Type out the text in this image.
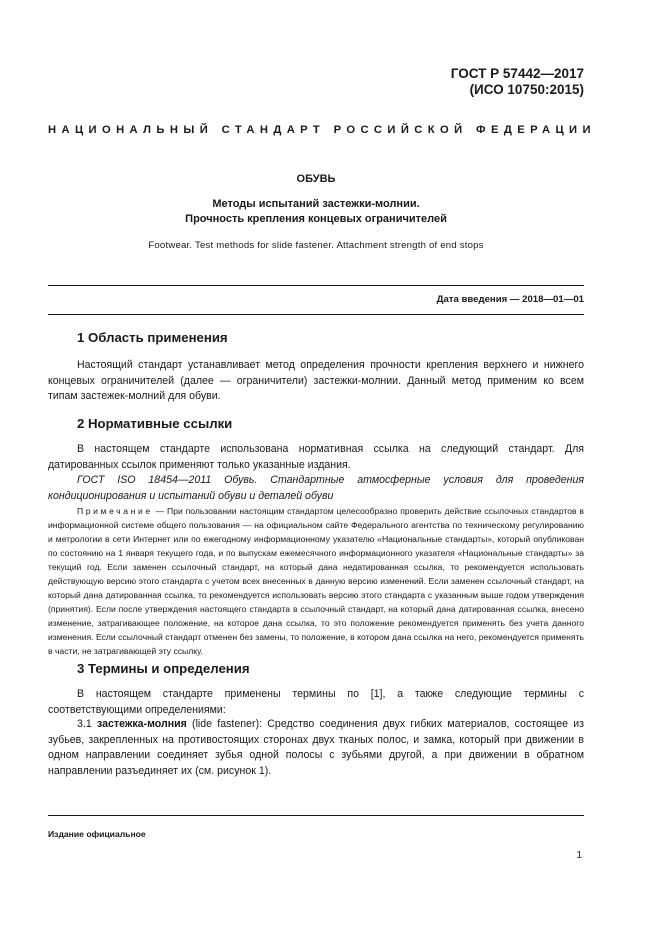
ГОСТ Р 57442—2017
(ИСО 10750:2015)
НАЦИОНАЛЬНЫЙ СТАНДАРТ РОССИЙСКОЙ ФЕДЕРАЦИИ
ОБУВЬ
Методы испытаний застежки-молнии.
Прочность крепления концевых ограничителей
Footwear. Test methods for slide fastener. Attachment strength of end stops
Дата введения — 2018—01—01
1 Область применения
Настоящий стандарт устанавливает метод определения прочности крепления верхнего и нижнего концевых ограничителей (далее — ограничители) застежки-молнии. Данный метод применим ко всем типам застежек-молний для обуви.
2 Нормативные ссылки
В настоящем стандарте использована нормативная ссылка на следующий стандарт. Для датированных ссылок применяют только указанные издания.
ГОСТ ISO 18454—2011 Обувь. Стандартные атмосферные условия для проведения кондиционирования и испытаний обуви и деталей обуви
Примечание — При пользовании настоящим стандартом целесообразно проверить действие ссылочных стандартов в информационной системе общего пользования — на официальном сайте Федерального агентства по техническому регулированию и метрологии в сети Интернет или по ежегодному информационному указателю «Национальные стандарты», который опубликован по состоянию на 1 января текущего года, и по выпускам ежемесячного информационного указателя «Национальные стандарты» за текущий год. Если заменен ссылочный стандарт, на который дана недатированная ссылка, то рекомендуется использовать действующую версию этого стандарта с учетом всех внесенных в данную версию изменений. Если заменен ссылочный стандарт, на который дана датированная ссылка, то рекомендуется использовать версию этого стандарта с указанным выше годом утверждения (принятия). Если после утверждения настоящего стандарта в ссылочный стандарт, на который дана датированная ссылка, внесено изменение, затрагивающее положение, на которое дана ссылка, то это положение рекомендуется применять без учета данного изменения. Если ссылочный стандарт отменен без замены, то положение, в котором дана ссылка на него, рекомендуется применять в части, не затрагивающей эту ссылку.
3 Термины и определения
В настоящем стандарте применены термины по [1], а также следующие термины с соответствующими определениями:
3.1 застежка-молния (lide fastener): Средство соединения двух гибких материалов, состоящее из зубьев, закрепленных на противостоящих сторонах двух тканых полос, и замка, который при движении в одном направлении соединяет зубья одной полосы с зубьями другой, а при движении в обратном направлении разъединяет их (см. рисунок 1).
Издание официальное
1
